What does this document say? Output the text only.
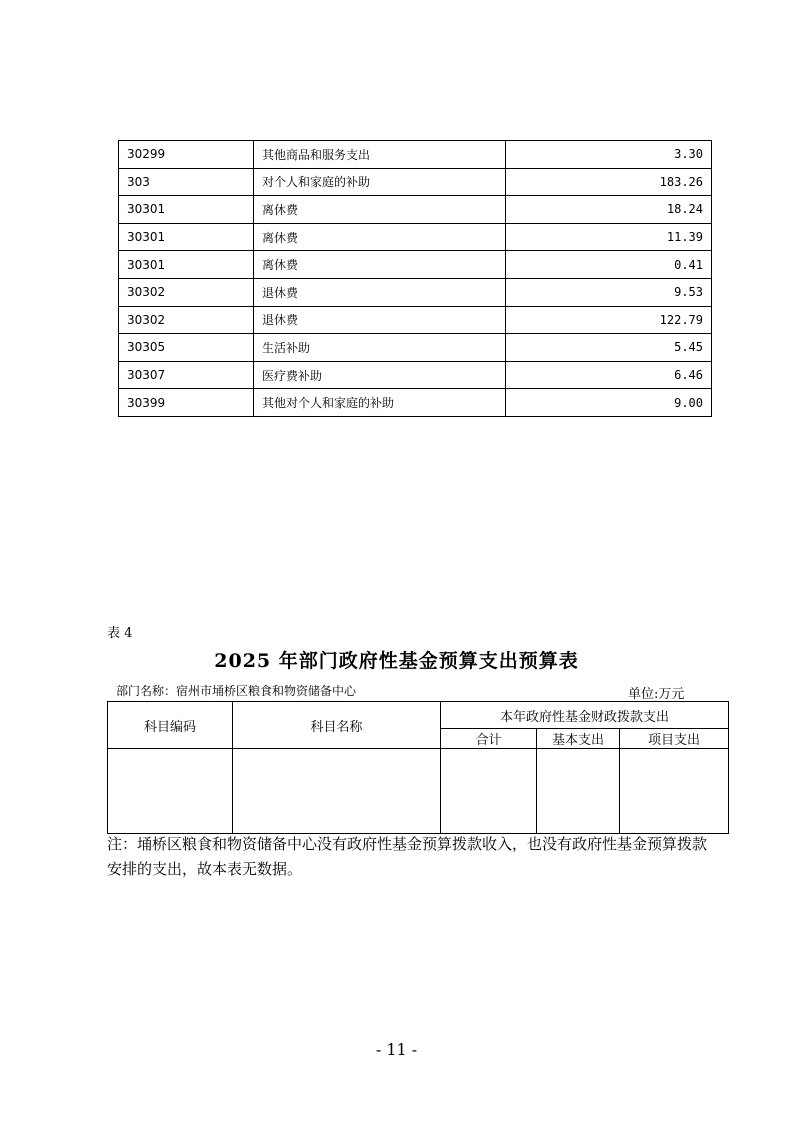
30299	其他商品和服务支出	3.30
303	对个人和家庭的补助	183.26
30301	离休费	18.24
30301	离休费	11.39
30301	离休费	0.41
30302	退休费	9.53
30302	退休费	122.79
30305	生活补助	5.45
30307	医疗费补助	6.46
30399	其他对个人和家庭的补助	9.00
表 4
2025 年部门政府性基金预算支出预算表
部门名称：宿州市埇桥区粮食和物资储备中心	单位:万元
科目编码	科目名称	本年政府性基金财政拨款支出		
		合计	基本支出	项目支出

注：埇桥区粮食和物资储备中心没有政府性基金预算拨款收入，也没有政府性基金预算拨款安排的支出，故本表无数据。
- 11 -
